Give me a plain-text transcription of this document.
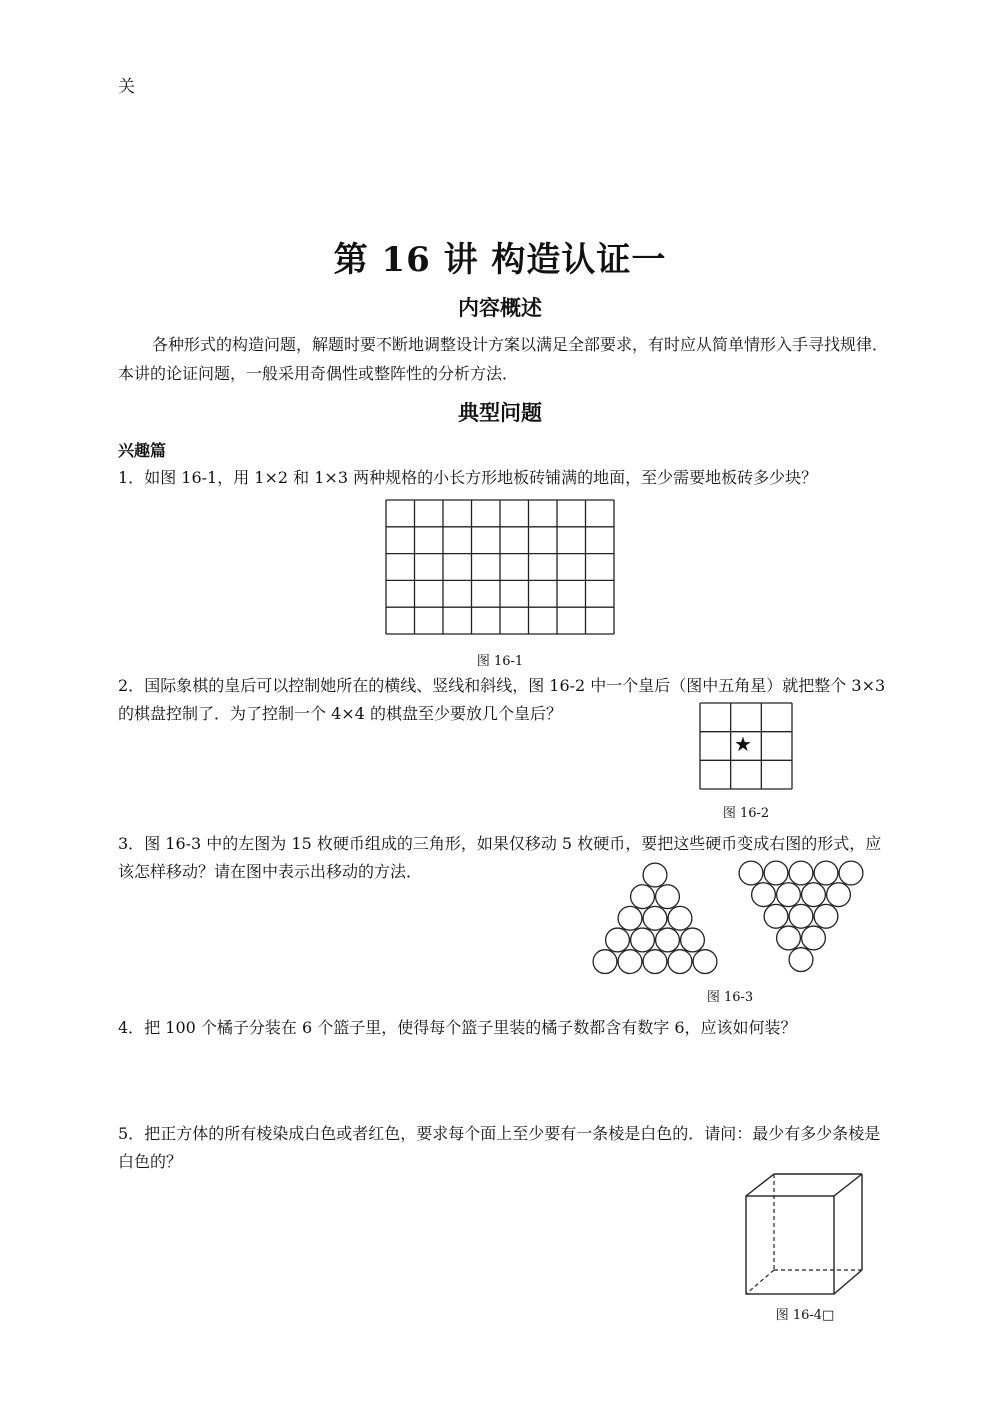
关
第 16 讲 构造认证一
内容概述
各种形式的构造问题，解题时要不断地调整设计方案以满足全部要求，有时应从简单情形入手寻找规律．本讲的论证问题，一般采用奇偶性或整阵性的分析方法．
典型问题
兴趣篇
1．如图 16-1，用 1×2 和 1×3 两种规格的小长方形地板砖铺满的地面，至少需要地板砖多少块？
图 16-1
2．国际象棋的皇后可以控制她所在的横线、竖线和斜线，图 16-2 中一个皇后（图中五角星）就把整个 3×3 的棋盘控制了．为了控制一个 4×4 的棋盘至少要放几个皇后？
★
图 16-2
3．图 16-3 中的左图为 15 枚硬币组成的三角形，如果仅移动 5 枚硬币，要把这些硬币变成右图的形式，应该怎样移动？请在图中表示出移动的方法．
图 16-3
4．把 100 个橘子分装在 6 个篮子里，使得每个篮子里装的橘子数都含有数字 6，应该如何装？
5．把正方体的所有棱染成白色或者红色，要求每个面上至少要有一条棱是白色的．请问：最少有多少条棱是白色的？
图 16-4□
